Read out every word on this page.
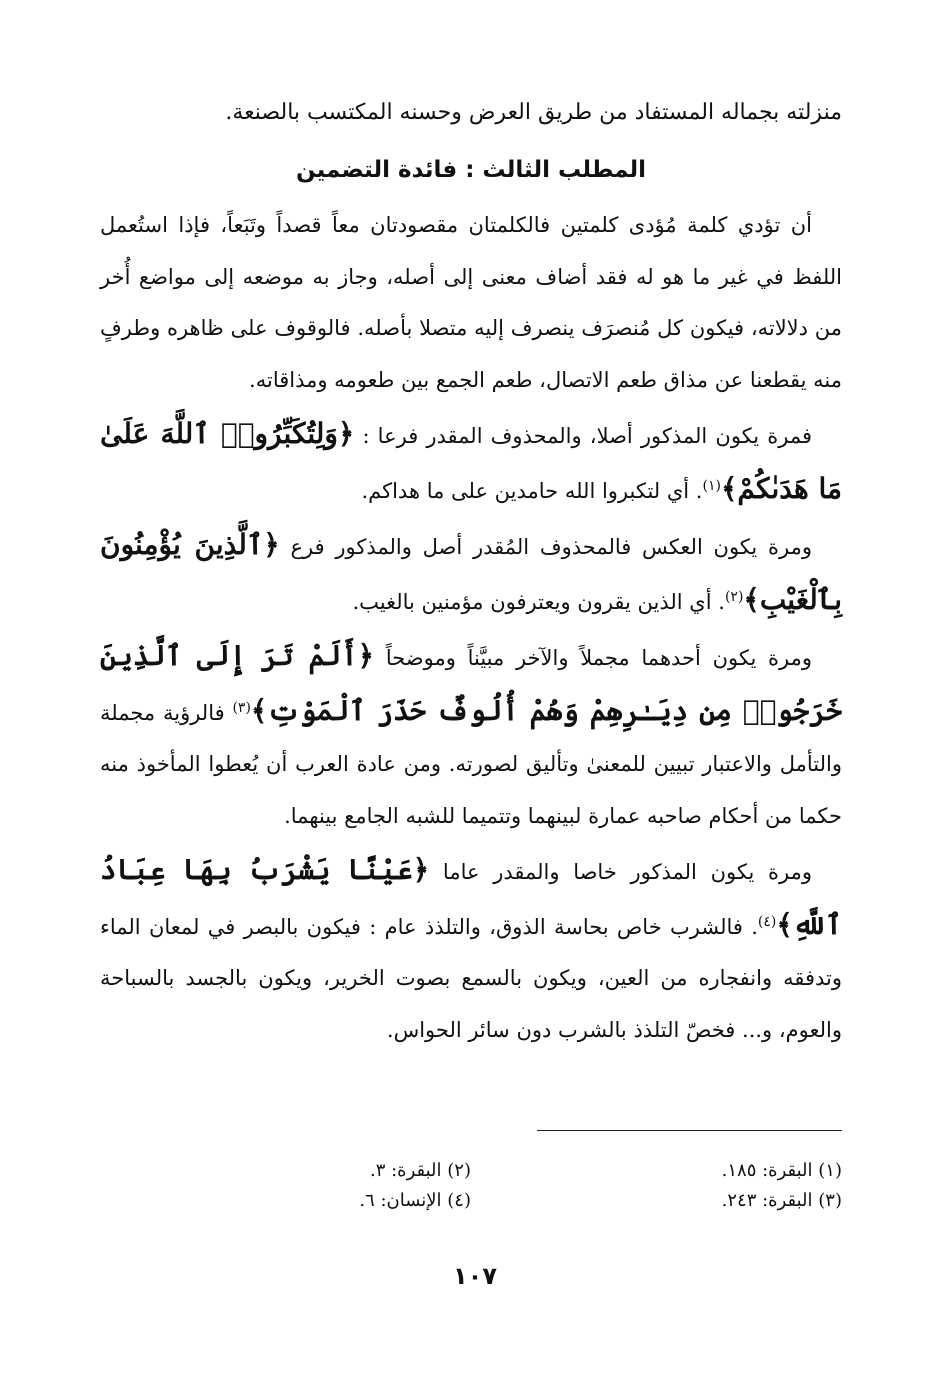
منزلته بجماله المستفاد من طريق العرض وحسنه المكتسب بالصنعة.

المطلب الثالث : فائدة التضمين

أن تؤدي كلمة مُؤدى كلمتين فالكلمتان مقصودتان معاً قصداً وتَبَعاً، فإذا استُعمل اللفظ في غير ما هو له فقد أضاف معنى إلى أصله، وجاز به موضعه إلى مواضع أُخر من دلالاته، فيكون كل مُنصرَف ينصرف إليه متصلا بأصله. فالوقوف على ظاهره وطرفٍ منه يقطعنا عن مذاق طعم الاتصال، طعم الجمع بين طعومه ومذاقاته.

فمرة يكون المذكور أصلا، والمحذوف المقدر فرعا : ﴿وَلِتُكَبِّرُوا۟ ٱللَّهَ عَلَىٰ مَا هَدَىٰكُمْ﴾$^{(١)}$. أي لتكبروا الله حامدين على ما هداكم.

ومرة يكون العكس فالمحذوف المُقدر أصل والمذكور فرع ﴿ٱلَّذِينَ يُؤْمِنُونَ بِٱلْغَيْبِ﴾$^{(٢)}$. أي الذين يقرون ويعترفون مؤمنين بالغيب.

ومرة يكون أحدهما مجملاً والآخر مبيَّناً وموضحاً ﴿أَلَمْ تَرَ إِلَى ٱلَّذِينَ خَرَجُوا۟ مِن دِيَـٰرِهِمْ وَهُمْ أُلُوفٌ حَذَرَ ٱلْمَوْتِ﴾$^{(٣)}$ فالرؤية مجملة والتأمل والاعتبار تبيين للمعنىٰ وتأليق لصورته. ومن عادة العرب أن يُعطوا المأخوذ منه حكما من أحكام صاحبه عمارة لبينهما وتتميما للشبه الجامع بينهما.

ومرة يكون المذكور خاصا والمقدر عاما ﴿عَيْنًا يَشْرَبُ بِهَا عِبَادُ ٱللَّهِ﴾$^{(٤)}$. فالشرب خاص بحاسة الذوق، والتلذذ عام : فيكون بالبصر في لمعان الماء وتدفقه وانفجاره من العين، ويكون بالسمع بصوت الخرير، ويكون بالجسد بالسباحة والعوم، و... فخصّ التلذذ بالشرب دون سائر الحواس.

(١) البقرة: ١٨٥.
(٢) البقرة: ٣.
(٣) البقرة: ٢٤٣.
(٤) الإنسان: ٦.
١٠٧
